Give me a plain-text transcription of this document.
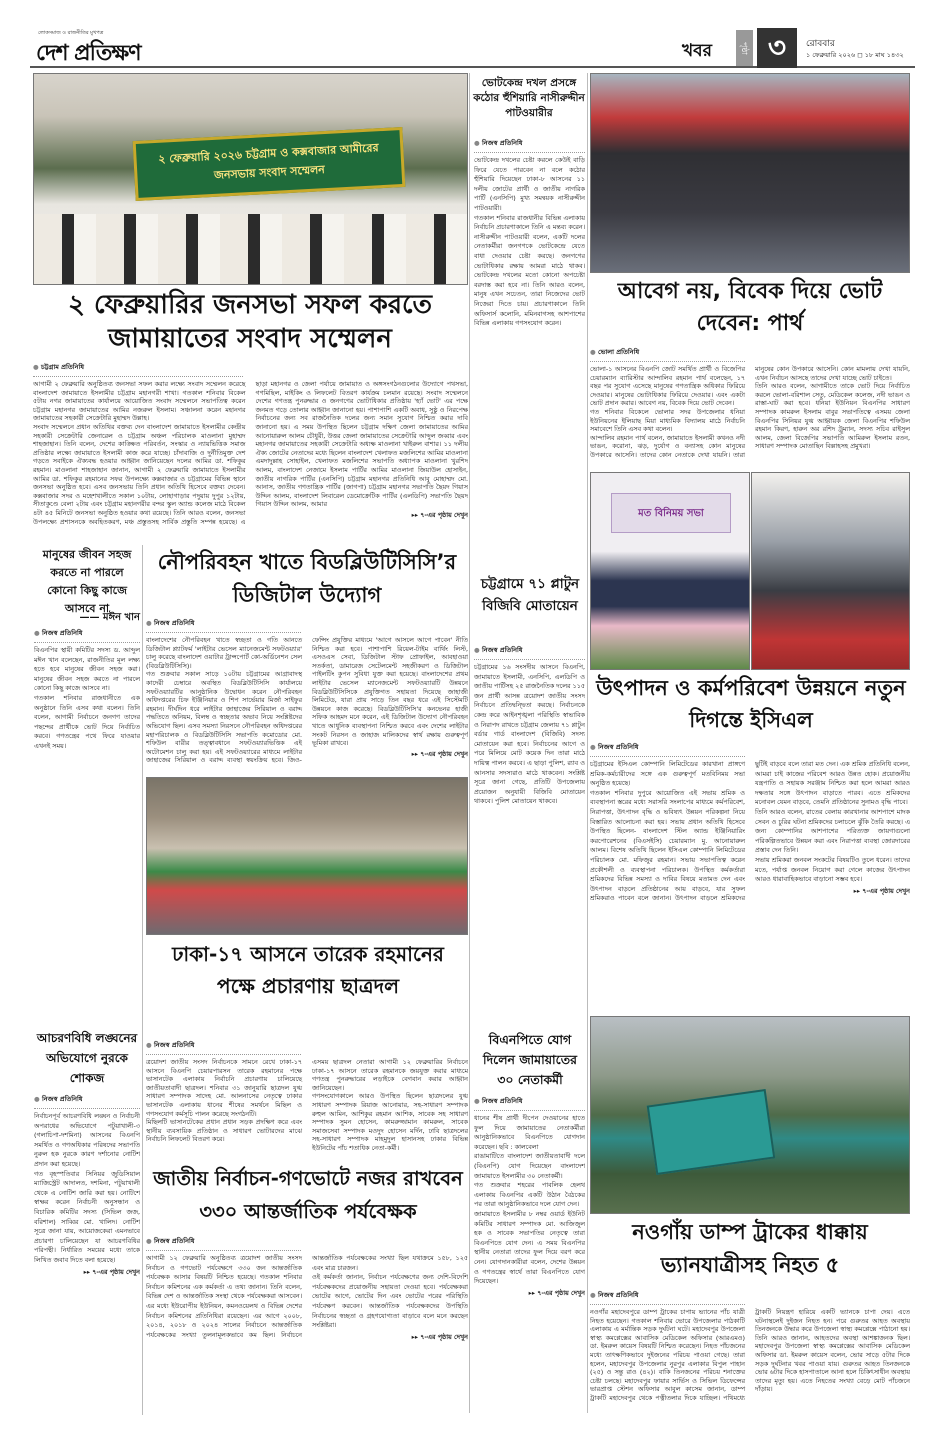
লোকসমাজ ও রাজনীতির মুখপত্র
দেশ প্রতিক্ষণ	খবর	পৃষ্ঠা ৩	রোববার
১ ফেব্রুয়ারি ২০২৬ ◻ ১৮ মাঘ ১৪৩২
২ ফেব্রুয়ারি ২০২৬ চট্টগ্রাম ও কক্সবাজার আমীরের জনসভায় সংবাদ সম্মেলন
২ ফেব্রুয়ারির জনসভা সফল করতে জামায়াতের সংবাদ সম্মেলন
● চট্টগ্রাম প্রতিনিধি

আগামী ২ ফেব্রুয়ারি অনুষ্ঠিতব্য জনসভা সফল করার লক্ষ্যে সংবাদ সম্মেলন করেছে বাংলাদেশ জামায়াতে ইসলামীর চট্টগ্রাম মহানগরী শাখা। গতকাল শনিবার বিকেল ৫টায় নগর জামায়াতের কার্যালয়ে আয়োজিত সংবাদ সম্মেলনে সভাপতিত্ব করেন চট্টগ্রাম মহানগর জামায়াতের আমির নজরুল ইসলাম। সঞ্চালনা করেন মহানগর জামায়াতের সহকারী সেক্রেটারি মুহাম্মদ উল্লাহ।

সংবাদ সম্মেলনে প্রধান অতিথির বক্তব্য দেন বাংলাদেশ জামায়াতে ইসলামীর কেন্দ্রীয় সহকারী সেক্রেটারি জেনারেল ও চট্টগ্রাম অঞ্চল পরিচালক মাওলানা মুহাম্মদ শাহজাহান। তিনি বলেন, দেশের কাঙ্ক্ষিত পরিবর্তন, সংস্কার ও ন্যায়ভিত্তিক সমাজ প্রতিষ্ঠার লক্ষ্যে জামায়াতে ইসলামী কাজ করে যাচ্ছে। চাঁদাবাজি ও দুর্নীতিমুক্ত দেশ গড়তে সবাইকে ঐক্যবদ্ধ হওয়ার আহ্বান জানিয়েছেন দলের আমির ডা. শফিকুর রহমান। মাওলানা শাহজাহান জানান, আগামী ২ ফেব্রুয়ারি জামায়াতে ইসলামীর আমির ডা. শফিকুর রহমানের সফর উপলক্ষ্যে কক্সবাজার ও চট্টগ্রামের বিভিন্ন স্থানে জনসভা অনুষ্ঠিত হবে। এসব জনসভায় তিনি প্রধান অতিথি হিসেবে বক্তব্য দেবেন। কক্সবাজার সদর ও মহেশখালীতে সকাল ১০টায়, লোহাগাড়ার পদুয়ায় দুপুর ১২টায়, সীতাকুণ্ডে বেলা ২টায় এবং চট্টগ্রাম মহানগরীর বন্দর স্কুল অ্যান্ড কলেজ মাঠে বিকেল ৪টা ৪৫ মিনিটে জনসভা অনুষ্ঠিত হওয়ার কথা রয়েছে। তিনি আরও বলেন, জনসভা উপলক্ষ্যে প্রশাসনকে অবহিতকরণ, মঞ্চ প্রস্তুতসহ সার্বিক প্রস্তুতি সম্পন্ন হয়েছে। এ ছাড়া মহানগর ও জেলা পর্যায়ে জামায়াত ও অঙ্গসংগঠনগুলোর উদ্যোগে পথসভা, গণমিছিল, মাইকিং ও লিফলেট বিতরণ কার্যক্রম চলমান রয়েছে। সংবাদ সম্মেলনে দেশের গণতন্ত্র পুনরুদ্ধার ও জনগণের ভোটাধিকার প্রতিষ্ঠায় 'হ্যাঁ ভোট' এর পক্ষে জনমত গড়ে তোলার আহ্বান জানানো হয়। পাশাপাশি একটি অবাধ, সুষ্ঠু ও নিরপেক্ষ নির্বাচনের জন্য সব রাজনৈতিক দলের জন্য সমান সুযোগ নিশ্চিত করার দাবি জানানো হয়। এ সময় উপস্থিত ছিলেন চট্টগ্রাম দক্ষিণ জেলা জামায়াতের আমির আনোয়ারুল আলম চৌধুরী, উত্তর জেলা জামায়াতের সেক্রেটারি আব্দুল জব্বার এবং মহানগর জামায়াতের সহকারী সেক্রেটারি অধ্যক্ষ মাওলানা খাইরুল বাশার। ১১ দলীয় ঐক্য জোটের নেতাদের মধ্যে ছিলেন বাংলাদেশ খেলাফত মজলিশের আমির মাওলানা এমদাদুল্লাহ সোহাইল, খেলাফত মজলিশের সভাপতি অধ্যাপক মাওলানা খুরশিদ আলম, বাংলাদেশ নেজামে ইসলাম পার্টির আমির মাওলানা জিয়াউল হোসাইন, জাতীয় নাগরিক পার্টির (এনসিপি) চট্টগ্রাম মহানগর প্রতিনিধি আবু মোহাম্মদ মো. আনাস, জাতীয় গণতান্ত্রিক পার্টির (জাগপা) চট্টগ্রাম মহানগর সভাপতি ছৈয়দ গিয়াস উদ্দিন আলম, বাংলাদেশ লিবারেল ডেমোক্রেটিক পার্টির (এলডিপি) সভাপতি ছৈয়দ গিয়াস উদ্দিন আলম, আমার

▸▸ ৭-এর পৃষ্ঠায় দেখুন
ভোটকেন্দ্র দখল প্রসঙ্গে কঠোর হুঁশিয়ারি নাসীরুদ্দীন পাটওয়ারীর
● নিজস্ব প্রতিনিধি

ভোটকেন্দ্র দখলের চেষ্টা করলে কেউই বাড়ি ফিরে যেতে পারবেন না বলে কঠোর হুঁশিয়ারি দিয়েছেন ঢাকা-৮ আসনের ১১ দলীয় জোটের প্রার্থী ও জাতীয় নাগরিক পার্টি (এনসিপি) মুখ্য সমন্বয়ক নাসীরুদ্দীন পাটওয়ারী।

গতকাল শনিবার রাজধানীর বিভিন্ন এলাকায় নির্বাচনি প্রচারণাকালে তিনি এ মন্তব্য করেন। নাসীরুদ্দীন পাটওয়ারী বলেন, একটি দলের নেতাকর্মীরা জনগণকে ভোটকেন্দ্রে যেতে বাধা দেওয়ার চেষ্টা করছে। জনগণের ভোটাধিকার রক্ষায় আমরা মাঠে থাকব। ভোটকেন্দ্র দখলের মতো কোনো অপচেষ্টা বরদাস্ত করা হবে না। তিনি আরও বলেন, মানুষ এখন সচেতন, তারা নিজেদের ভোট নিজেরা দিতে চায়। প্রচারণাকালে তিনি অফিসার্স কলোনি, মমিনবাগসহ আশপাশের বিভিন্ন এলাকায় গণসংযোগ করেন।

আবেগ নয়, বিবেক দিয়ে ভোট দেবেন: পার্থ
● ভোলা প্রতিনিধি

ভোলা-১ আসনের বিএনপি জোট সমর্থিত প্রার্থী ও বিজেপির চেয়ারম্যান ব্যারিস্টার আন্দালিব রহমান পার্থ বলেছেন, ১৭ বছর পর সুযোগ এসেছে মানুষের গণতান্ত্রিক অধিকার ফিরিয়ে দেওয়ার। মানুষের ভোটাধিকার ফিরিয়ে দেওয়ার। এবং একটা ভোট প্রদান করার। আবেগ নয়, বিবেক দিয়ে ভোট দেবেন।

গত শনিবার বিকেলে ভোলার সদর উপজেলার ধনিয়া ইউনিয়নের ইলিয়াছ মিয়া মাধ্যমিক বিদ্যালয় মাঠে নির্বাচনি সমাবেশে তিনি এসব কথা বলেন।

আন্দালিব রহমান পার্থ বলেন, জামায়াতে ইসলামী কখনও নদী ভাঙন, করোনা, ঝড়, দুর্যোগ ও বন্যাসহ কোন মানুষের উপকারে আসেনি। তাদের কোন নেতাকে দেখা যায়নি। তারা মানুষের কোন উপকারে আসেনি। কোন মামলায় দেখা যায়নি, এখন নির্বাচন আসছে তাদের দেখা যাচ্ছে ভোট চাইতে।

তিনি আরও বলেন, আগামীতে তাকে ভোট দিয়ে নির্বাচিত করলে ভোলা-বরিশাল সেতু, মেডিকেল কলেজ, নদী ভাঙন ও রাস্তা-ঘাট করা হবে। ধনিয়া ইউনিয়ন বিএনপির সাধারণ সম্পাদক কামরুল ইসলাম বাবুর সভাপতিত্বে এসময় জেলা বিএনপির সিনিয়র যুগ্ম আহ্বায়ক জেলা বিএনপির শফিউল রহমান কিরণ, হারুন অর রশিদ ট্রুম্যান, সদস্য সচিব রাইসুল আলম, জেলা বিজেপির সভাপতি আমিরুল ইসলাম রতন, সাধারণ সম্পাদক মোতাছিন বিল্লাহসহ প্রমুখরা।

মত বিনিময় সভা
উৎপাদন ও কর্মপরিবেশ উন্নয়নে নতুন দিগন্তে ইসিএল
● নিজস্ব প্রতিনিধি

চট্টগ্রামের ইসিএল কোম্পানি লিমিটেডের কারখানা প্রাঙ্গণে শ্রমিক-কর্মচারীদের সঙ্গে এক গুরুত্বপূর্ণ মতবিনিময় সভা অনুষ্ঠিত হয়েছে।

গতকাল শনিবার দুপুরে আয়োজিত এই সভায় শ্রমিক ও ব্যবস্থাপনা স্তরের মধ্যে সরাসরি সংলাপের মাধ্যমে কর্মপরিবেশ, নিরাপত্তা, উৎপাদন বৃদ্ধি ও ভবিষ্যৎ উন্নয়ন পরিকল্পনা নিয়ে বিস্তারিত আলোচনা করা হয়। সভায় প্রধান অতিথি হিসেবে উপস্থিত ছিলেন- বাংলাদেশ স্টিল অ্যান্ড ইঞ্জিনিয়ারিং করপোরেশনের (বিএসইসি) চেয়ারম্যান মু. আনোয়ারুল আলম। বিশেষ অতিথি ছিলেন ইসিএল কোম্পানি লিমিটেডের পরিচালক মো. মফিজুর রহমান। সভায় সভাপতিত্ব করেন প্রকৌশলী ও ব্যবস্থাপনা পরিচালক। উপস্থিত কর্মকর্তারা শ্রমিকদের বিভিন্ন সমস্যা ও দাবির বিষয়ে মতামত দেন এবং উৎপাদন বাড়লে প্রতিষ্ঠানের আয় বাড়বে, যার সুফল শ্রমিকরাও পাবেন বলে জানান। উৎপাদন বাড়লে শ্রমিকদের ছুটিই বাড়বে বলে তারা মত দেন। এক শ্রমিক প্রতিনিধি বলেন, আমরা চাই কাজের পরিবেশ আরও উন্নত হোক। প্রয়োজনীয় যন্ত্রপাতি ও সহায়ক সরঞ্জাম নিশ্চিত করা হলে আমরা আরও দক্ষতার সঙ্গে উৎপাদন বাড়াতে পারব। এতে শ্রমিকদের মনোবল যেমন বাড়বে, তেমনি প্রতিষ্ঠানের সুনামও বৃদ্ধি পাবে।

তিনি আরও বলেন, রাতের বেলায় কারখানার আশপাশে মাদক সেবন ও চুরির ঘটনা শ্রমিকদের চলাচলে ঝুঁকি তৈরি করছে। এ জন্য কোম্পানির আশপাশের পরিত্যক্ত জায়গাগুলো পরিকল্পিতভাবে উন্নয়ন করা এবং নিরাপত্তা ব্যবস্থা জোরদারের প্রস্তাব দেন তিনি।

সভায় শ্রমিকরা জনবল সংকটের বিষয়টিও তুলে ধরেন। তাদের মতে, পর্যাপ্ত জনবল নিয়োগ করা গেলে কাজের উৎপাদন আরও ধারাবাহিকভাবে বাড়ানো সম্ভব হবে।

▸▸ ৭-এর পৃষ্ঠায় দেখুন
মানুষের জীবন সহজ করতে না পারলে কোনো কিছু কাজে আসবে না
—— মঈন খান
● নিজস্ব প্রতিনিধি

বিএনপির স্থায়ী কমিটির সদস্য ড. আব্দুল মঈন খান বলেছেন, রাজনীতির মূল লক্ষ্য হতে হবে মানুষের জীবন সহজ করা। মানুষের জীবন সহজ করতে না পারলে কোনো কিছু কাজে আসবে না।

গতকাল শনিবার রাজধানীতে এক অনুষ্ঠানে তিনি এসব কথা বলেন। তিনি বলেন, আগামী নির্বাচনে জনগণ তাদের পছন্দের প্রার্থীকে ভোট দিয়ে নির্বাচিত করবে। গণতন্ত্রের পথে ফিরে যাওয়ার এখনই সময়।

আচরণবিধি লঙ্ঘনের অভিযোগে নুরকে শোকজ
● নিজস্ব প্রতিনিধি

নির্বাচনপূর্ব আচরণবিধি লঙ্ঘন ও নির্বাচনী অপরাধের অভিযোগে পটুয়াখালী-৩ (গলাচিপা-দশমিনা) আসনের বিএনপি সমর্থিত ও গণঅধিকার পরিষদের সভাপতি নুরুল হক নুরকে কারণ দর্শানোর নোটিশ প্রদান করা হয়েছে।

গত বৃহস্পতিবার সিনিয়র জুডিসিয়াল ম্যাজিস্ট্রেট আদালত, দশমিনা, পটুয়াখালী থেকে এ নোটিশ জারি করা হয়। নোটিশে স্বাক্ষর করেন নির্বাচনী অনুসন্ধান ও বিচারিক কমিটির সদস্য (সিভিল জজ, বরিশাল) সাব্বির মো. খালিদ। নোটিশ সূত্রে জানা যায়, আয়োজকেরা এমনভাবে প্রচারণা চালিয়েছেন যা আচরণবিধির পরিপন্থী। নির্ধারিত সময়ের মধ্যে তাকে লিখিত জবাব দিতে বলা হয়েছে।

▸▸ ৭-এর পৃষ্ঠায় দেখুন
নৌপরিবহন খাতে বিডব্লিউটিসিসি’র ডিজিটাল উদ্যোগ
● নিজস্ব প্রতিনিধি

বাংলাদেশের নৌপরিবহন খাতে স্বচ্ছতা ও গতি আনতে ডিজিটাল প্ল্যাটফর্ম 'লাইটার ভেসেল ম্যানেজমেন্ট সফটওয়্যার' চালু করেছে বাংলাদেশ ওয়াটার ট্রান্সপোর্ট কো-অর্ডিনেশন সেল (বিডব্লিউটিসিসি)।

গত শুক্রবার সকাল সাড়ে ১০টায় চট্টগ্রামের আগ্রাবাদস্থ কাদেরী চেম্বারে অবস্থিত বিডব্লিউটিসিসি কার্যালয়ে সফটওয়্যারটির আনুষ্ঠানিক উদ্বোধন করেন নৌপরিবহন অধিদপ্তরের চিফ ইঞ্জিনিয়ার ও শিপ সার্ভেয়ার মির্জা সাইফুর রহমান। দীর্ঘদিন ধরে লাইটার জাহাজের সিরিয়াল ও বরাদ্দ পদ্ধতিতে অনিয়ম, বিলম্ব ও স্বচ্ছতার অভাব নিয়ে সংশ্লিষ্টদের অভিযোগ ছিল। এসব সমস্যা নিরসনে নৌপরিবহন অধিদপ্তরের মহাপরিচালক ও বিডব্লিউটিসিসি সভাপতি কমোডোর মো. শফিউল বারীর তত্ত্বাবধানে সফটওয়্যারভিত্তিক এই অটোমেশন চালু করা হয়। এই সফটওয়্যারের মাধ্যমে লাইটার জাহাজের সিরিয়াল ও বরাদ্দ ব্যবস্থা স্বয়ংক্রিয় হবে। জিও-ফেন্সিং প্রযুক্তির মাধ্যমে 'আগে আসলে আগে পাবেন' নীতি নিশ্চিত করা হবে। পাশাপাশি রিয়েল-টাইম বার্থিং লিস্ট, এসওএস সেবা, ডিজিটাল স্টাফ প্রোফাইল, আবহাওয়া সতর্কতা, ডামারেজ সেটেলমেন্ট সহজীকরণ ও ডিজিটাল পাইলটিং কুপন সুবিধা যুক্ত করা হয়েছে। বাংলাদেশের প্রথম লাইটার ভেসেল ম্যানেজমেন্ট সফটওয়্যারটি উন্নয়নে বিডব্লিউটিসিসিকে প্রযুক্তিগত সহায়তা দিয়েছে জাহাজী লিমিটেড, যারা প্রায় সাড়ে তিন বছর ধরে এই সিস্টেমটি উন্নয়নে কাজ করেছে। বিডব্লিউটিসিসি'র কনভেনর হাজী সফিক আহমদ মনে করেন, এই ডিজিটাল উদ্যোগ নৌপরিবহন খাতে আধুনিক ব্যবস্থাপনা নিশ্চিত করবে এবং দেশের লাইটার সংকট নিরসন ও জাহাজ মালিকদের স্বার্থ রক্ষায় গুরুত্বপূর্ণ ভূমিকা রাখবে।

▸▸ ৭-এর পৃষ্ঠায় দেখুন
ঢাকা-১৭ আসনে তারেক রহমানের পক্ষে প্রচারণায় ছাত্রদল
● নিজস্ব প্রতিনিধি

ত্রয়োদশ জাতীয় সংসদ নির্বাচনকে সামনে রেখে ঢাকা-১৭ আসনে বিএনপি চেয়ারপারসন তারেক রহমানের পক্ষে ভাসানটেক এলাকায় নির্বাচনি প্রচারণায় চালিয়েছে জাতীয়তাবাদী ছাত্রদল। শনিবার ৩১ জানুয়ারি ছাত্রদল যুগ্ম সাধারণ সম্পাদক সাদেহ মো. আলনাসের নেতৃত্বে ঢাকার ভাসানটেক এলাকায় ধানের শীষের সমর্থনে মিছিল ও গণসংযোগ কর্মসূচি পালন করেছে সংগঠনটি।

মিছিলটি ভাসানটেকের প্রধান প্রধান সড়ক প্রদক্ষিণ করে এবং স্থানীয় ব্যবসায়িক প্রতিষ্ঠান ও সাধারণ ভোটারদের মাঝে নির্বাচনি লিফলেট বিতরণ করে।

এসময় ছাত্রদল নেতারা আগামী ১২ ফেব্রুয়ারির নির্বাচনে ঢাকা-১৭ আসনে তারেক রহমানকে জয়যুক্ত করার মাধ্যমে গণতন্ত্র পুনরুদ্ধারের লড়াইকে বেগবান করার আহ্বান জানিয়েছেন।

গণসংযোগকালে আরও উপস্থিত ছিলেন ছাত্রদলের যুগ্ম সাধারণ সম্পাদক রিয়াজ আনোয়ার, সহ-সাধারণ সম্পাদক রুহুল আমিন, আশিকুর রহমান আশিক, সাবেক সহ সাধারণ সম্পাদক সুমন হোসেন, কামরুজ্জামান কামরুল, সাবেক সমাজসেবা সম্পাদক মওদুদ হোসেন মর্দিন, ঢাবি ছাত্রদলের সহ-সাধারণ সম্পাদক মাহমুদুল হাসানসহ ঢাকার বিভিন্ন ইউনিটের পাঁচ শতাধিক নেতা-কর্মী।

জাতীয় নির্বাচন-গণভোটে নজর রাখবেন ৩৩০ আন্তর্জাতিক পর্যবেক্ষক
● নিজস্ব প্রতিনিধি

আগামী ১২ ফেব্রুয়ারি অনুষ্ঠিতব্য ত্রয়োদশ জাতীয় সংসদ নির্বাচন ও গণভোট পর্যবেক্ষণে ৩৩০ জন আন্তর্জাতিক পর্যবেক্ষক আসার বিষয়টি নিশ্চিত হয়েছে। গতকাল শনিবার নির্বাচন কমিশনের এক কর্মকর্তা এ তথ্য জানান। তিনি বলেন, বিভিন্ন দেশ ও আন্তর্জাতিক সংস্থা থেকে পর্যবেক্ষকরা আসবেন। এর মধ্যে ইউরোপীয় ইউনিয়ন, কমনওয়েলথ ও বিভিন্ন দেশের নির্বাচন কমিশনের প্রতিনিধিরা রয়েছেন। এর আগে ২০০৮, ২০১৪, ২০১৮ ও ২০২৪ সালের নির্বাচনে আন্তর্জাতিক পর্যবেক্ষকের সংখ্যা তুলনামূলকভাবে কম ছিল। নির্বাচনে আন্তর্জাতিক পর্যবেক্ষকের সংখ্যা ছিল যথাক্রমে ১৫৮, ১২৫ এবং মাত্র চারজন।

ওই কর্মকর্তা জানান, নির্বাচন পর্যবেক্ষণের জন্য দেশি-বিদেশি পর্যবেক্ষকদের প্রয়োজনীয় সহায়তা দেওয়া হবে। পর্যবেক্ষকরা ভোটের আগে, ভোটের দিন এবং ভোটের পরের পরিস্থিতি পর্যবেক্ষণ করবেন। আন্তর্জাতিক পর্যবেক্ষকদের উপস্থিতি নির্বাচনের স্বচ্ছতা ও গ্রহণযোগ্যতা বাড়াবে বলে মনে করছেন সংশ্লিষ্টরা।

▸▸ ৭-এর পৃষ্ঠায় দেখুন
চট্টগ্রামে ৭১ প্লাটুন বিজিবি মোতায়েন
● নিজস্ব প্রতিনিধি

চট্টগ্রামের ১৬ সংসদীয় আসনে বিএনপি, জামায়াতে ইসলামী, এনসিপি, এলডিপি ও জাতীয় পার্টিসহ ২৫ রাজনৈতিক দলের ১১৫ জন প্রার্থী আসন্ন ত্রয়োদশ জাতীয় সংসদ নির্বাচনে প্রতিদ্বন্দ্বিতা করছে। নির্বাচনকে কেন্দ্র করে আইনশৃঙ্খলা পরিস্থিতি স্বাভাবিক ও নিরাপদ রাখতে চট্টগ্রাম জেলায় ৭১ প্লাটুন বর্ডার গার্ড বাংলাদেশ (বিজিবি) সদস্য মোতায়েন করা হবে। নির্বাচনের আগে ও পরে মিলিয়ে মোট কয়েক দিন তারা মাঠে দায়িত্ব পালন করবে। এ ছাড়া পুলিশ, র‍্যাব ও আনসার সদস্যরাও মাঠে থাকবেন। সংশ্লিষ্ট সূত্রে জানা গেছে, প্রতিটি উপজেলায় প্রয়োজন অনুযায়ী বিজিবি মোতায়েন থাকবে। পুলিশ মোতায়েন থাকবে।

বিএনপিতে যোগ দিলেন জামায়াতের ৩০ নেতাকর্মী
● নিজস্ব প্রতিনিধি

ধানের শীষ প্রার্থী দীপেন দেওয়ানের হাতে ফুল দিয়ে জামায়াতের নেতাকর্মীরা আনুষ্ঠানিকভাবে বিএনপিতে যোগদান করেছেন। ছবি : কালবেলা

রাঙামাটিতে বাংলাদেশ জাতীয়তাবাদী দলে (বিএনপি) যোগ দিয়েছেন বাংলাদেশ জামায়াতে ইসলামীর ৩০ নেতাকর্মী।

গত শুক্রবার শহরের পাবলিক হেলথ এলাকায় বিএনপির একটি উঠান বৈঠকের পর তারা আনুষ্ঠানিকভাবে দলে যোগ দেন।

জামায়াতে ইসলামীর ৮ নম্বর ওয়ার্ড ইউনিট কমিটির সাধারণ সম্পাদক মো. আজিজুল হক ও সাবেক সভাপতির নেতৃত্বে তারা বিএনপিতে যোগ দেন। এ সময় বিএনপির স্থানীয় নেতারা তাদের ফুল দিয়ে বরণ করে নেন। যোগদানকারীরা বলেন, দেশের উন্নয়ন ও গণতন্ত্রের স্বার্থে তারা বিএনপিতে যোগ দিয়েছেন।

▸▸ ৭-এর পৃষ্ঠায় দেখুন
নওগাঁয় ডাম্প ট্রাকের ধাক্কায় ভ্যানযাত্রীসহ নিহত ৫
● নিজস্ব প্রতিনিধি

নওগাঁর মহাদেবপুরে ডাম্প ট্রাকের চাপায় ভ্যানের পাঁচ যাত্রী নিহত হয়েছেন। গতকাল শনিবার ভোরে উপজেলার পাঠকাটি এলাকায় এ মর্মান্তিক সড়ক দুর্ঘটনা ঘটে। মহাদেবপুর উপজেলা স্বাস্থ্য কমপ্লেক্সের আবাসিক মেডিকেল অফিসার (আরএমও) ডা. ইমরুল কায়েস বিষয়টি নিশ্চিত করেছেন। নিহত পাঁচজনের মধ্যে তাৎক্ষণিকভাবে দুইজনের পরিচয় পাওয়া গেছে। তারা হলেন, মহাদেবপুর উপজেলার নুরপুর এলাকার বিপুল পাহান (২৫) ও সন্তু রাও (৪২)। বাকি তিনজনের পরিচয় শনাক্তের চেষ্টা চলছে। মহাদেবপুর ফায়ার সার্ভিস ও সিভিল ডিফেন্সের ভারপ্রাপ্ত স্টেশন অফিসার আবুল কাসেম জানান, ডাম্প ট্রাকটি মহাদেবপুর থেকে পত্নীতলার দিকে যাচ্ছিল। পথিমধ্যে ট্রাকটি নিয়ন্ত্রণ হারিয়ে একটি ভ্যানকে চাপা দেয়। এতে ঘটনাস্থলেই দুইজন নিহত হন। পরে গুরুতর আহত অবস্থায় তিনজনকে উদ্ধার করে উপজেলা স্বাস্থ্য কমপ্লেক্সে পাঠানো হয়। তিনি আরও জানান, আহতদের অবস্থা আশঙ্কাজনক ছিল। মহাদেবপুর উপজেলা স্বাস্থ্য কমপ্লেক্সের আবাসিক মেডিকেল অফিসার ডা. ইমরুল কায়েস বলেন, ভোর সাড়ে ৫টার দিকে সড়ক দুর্ঘটনার খবর পাওয়া যায়। গুরুতর আহত তিনজনকে ভোর ৬টার দিকে হাসপাতালে আনা হলে চিকিৎসাধীন অবস্থায় তাদের মৃত্যু হয়। এতে নিহতের সংখ্যা বেড়ে মোট পাঁচজনে দাঁড়ায়।
